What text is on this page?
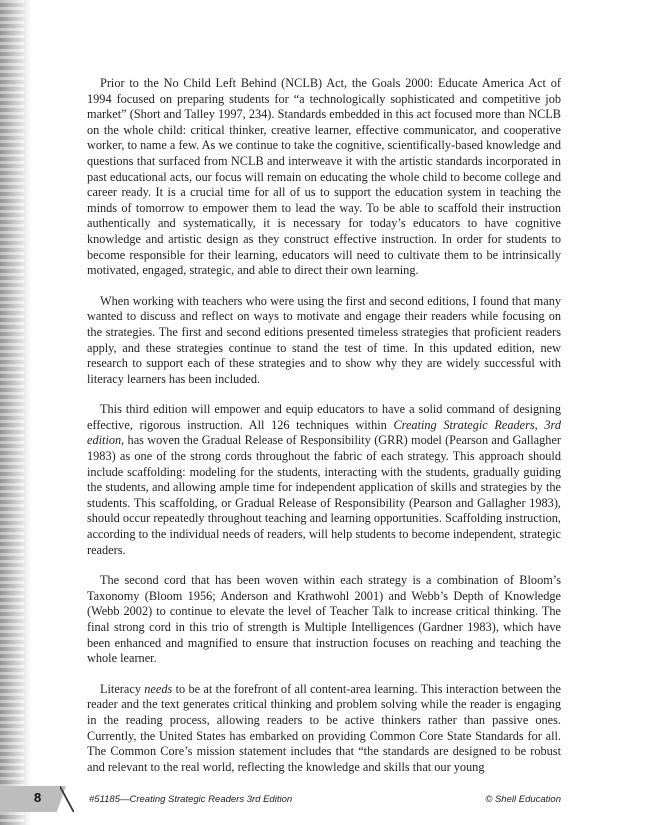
Prior to the No Child Left Behind (NCLB) Act, the Goals 2000: Educate America Act of 1994 focused on preparing students for “a technologically sophisticated and competitive job market” (Short and Talley 1997, 234). Standards embedded in this act focused more than NCLB on the whole child: critical thinker, creative learner, effective communicator, and cooperative worker, to name a few. As we continue to take the cognitive, scientifically-based knowledge and questions that surfaced from NCLB and interweave it with the artistic standards incorporated in past educational acts, our focus will remain on educating the whole child to become college and career ready. It is a crucial time for all of us to support the education system in teaching the minds of tomorrow to empower them to lead the way. To be able to scaffold their instruction authentically and systematically, it is necessary for today’s educators to have cognitive knowledge and artistic design as they construct effective instruction. In order for students to become responsible for their learning, educators will need to cultivate them to be intrinsically motivated, engaged, strategic, and able to direct their own learning.

When working with teachers who were using the first and second editions, I found that many wanted to discuss and reflect on ways to motivate and engage their readers while focusing on the strategies. The first and second editions presented timeless strategies that proficient readers apply, and these strategies continue to stand the test of time. In this updated edition, new research to support each of these strategies and to show why they are widely successful with literacy learners has been included.

This third edition will empower and equip educators to have a solid command of designing effective, rigorous instruction. All 126 techniques within Creating Strategic Readers, 3rd edition, has woven the Gradual Release of Responsibility (GRR) model (Pearson and Gallagher 1983) as one of the strong cords throughout the fabric of each strategy. This approach should include scaffolding: modeling for the students, interacting with the students, gradually guiding the students, and allowing ample time for independent application of skills and strategies by the students. This scaffolding, or Gradual Release of Responsibility (Pearson and Gallagher 1983), should occur repeatedly throughout teaching and learning opportunities. Scaffolding instruction, according to the individual needs of readers, will help students to become independent, strategic readers.

The second cord that has been woven within each strategy is a combination of Bloom’s Taxonomy (Bloom 1956; Anderson and Krathwohl 2001) and Webb’s Depth of Knowledge (Webb 2002) to continue to elevate the level of Teacher Talk to increase critical thinking. The final strong cord in this trio of strength is Multiple Intelligences (Gardner 1983), which have been enhanced and magnified to ensure that instruction focuses on reaching and teaching the whole learner.

Literacy needs to be at the forefront of all content-area learning. This interaction between the reader and the text generates critical thinking and problem solving while the reader is engaging in the reading process, allowing readers to be active thinkers rather than passive ones. Currently, the United States has embarked on providing Common Core State Standards for all. The Common Core’s mission statement includes that “the standards are designed to be robust and relevant to the real world, reflecting the knowledge and skills that our young

8	#51185—Creating Strategic Readers 3rd Edition	© Shell Education
